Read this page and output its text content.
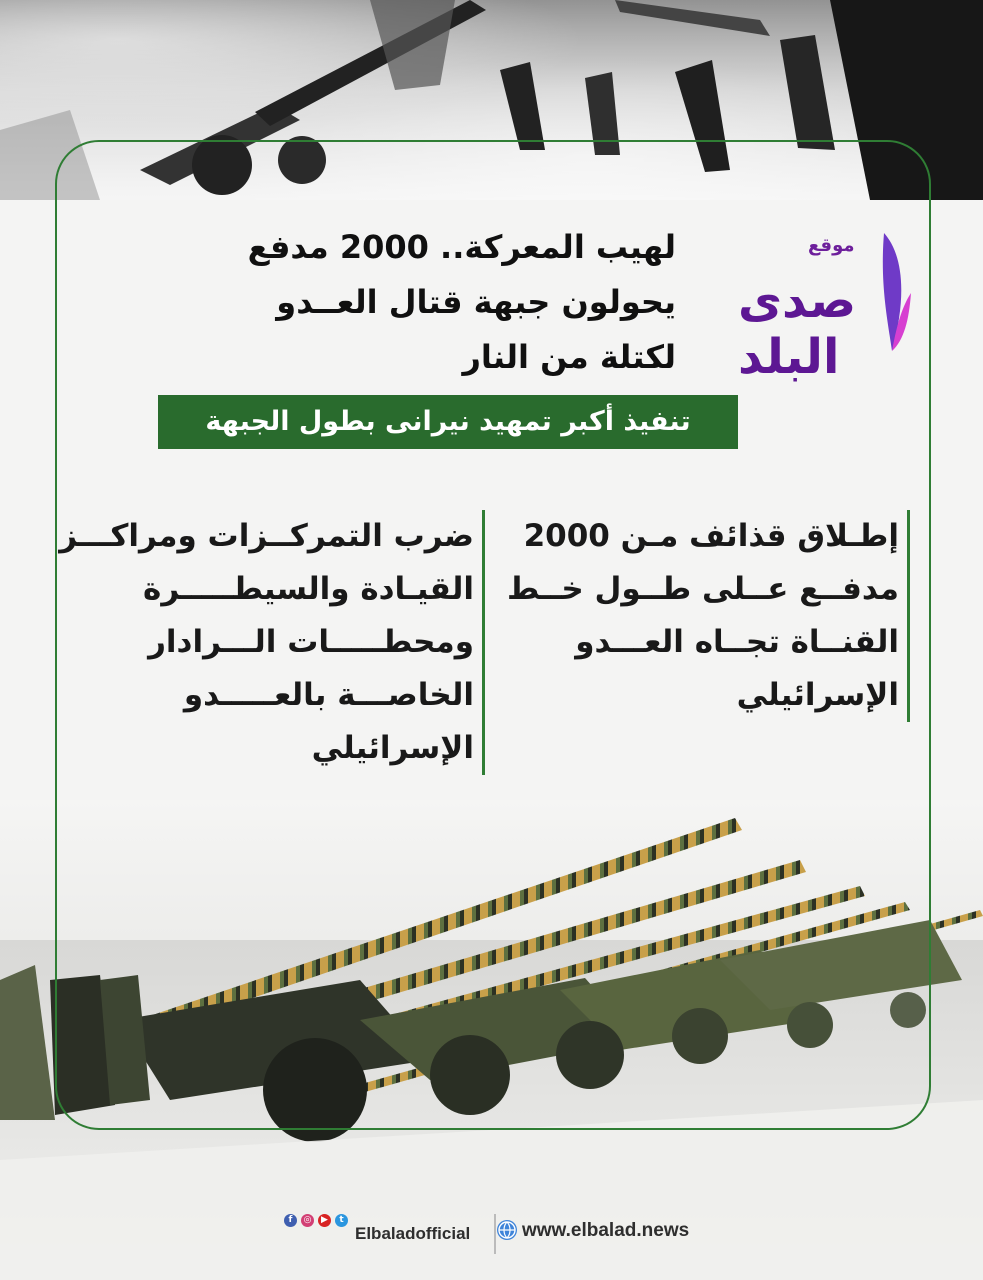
موقع
صدى البلد
لهيب المعركة.. 2000 مدفع
يحولون جبهة قتال العــدو
لكتلة من النار
تنفيذ أكبر تمهيد نيرانى بطول الجبهة
إطـلاق قذائف مـن 2000
مدفــع عــلى طــول خــط
القنــاة تجــاه العـــدو
الإسرائيلي
ضرب التمركــزات ومراكـــز
القيـادة والسيطـــــرة
ومحطـــــات الـــرادار
الخاصـــة بالعـــــدو
الإسرائيلي
f	◎	▶	t
Elbaladofficial	www.elbalad.news
